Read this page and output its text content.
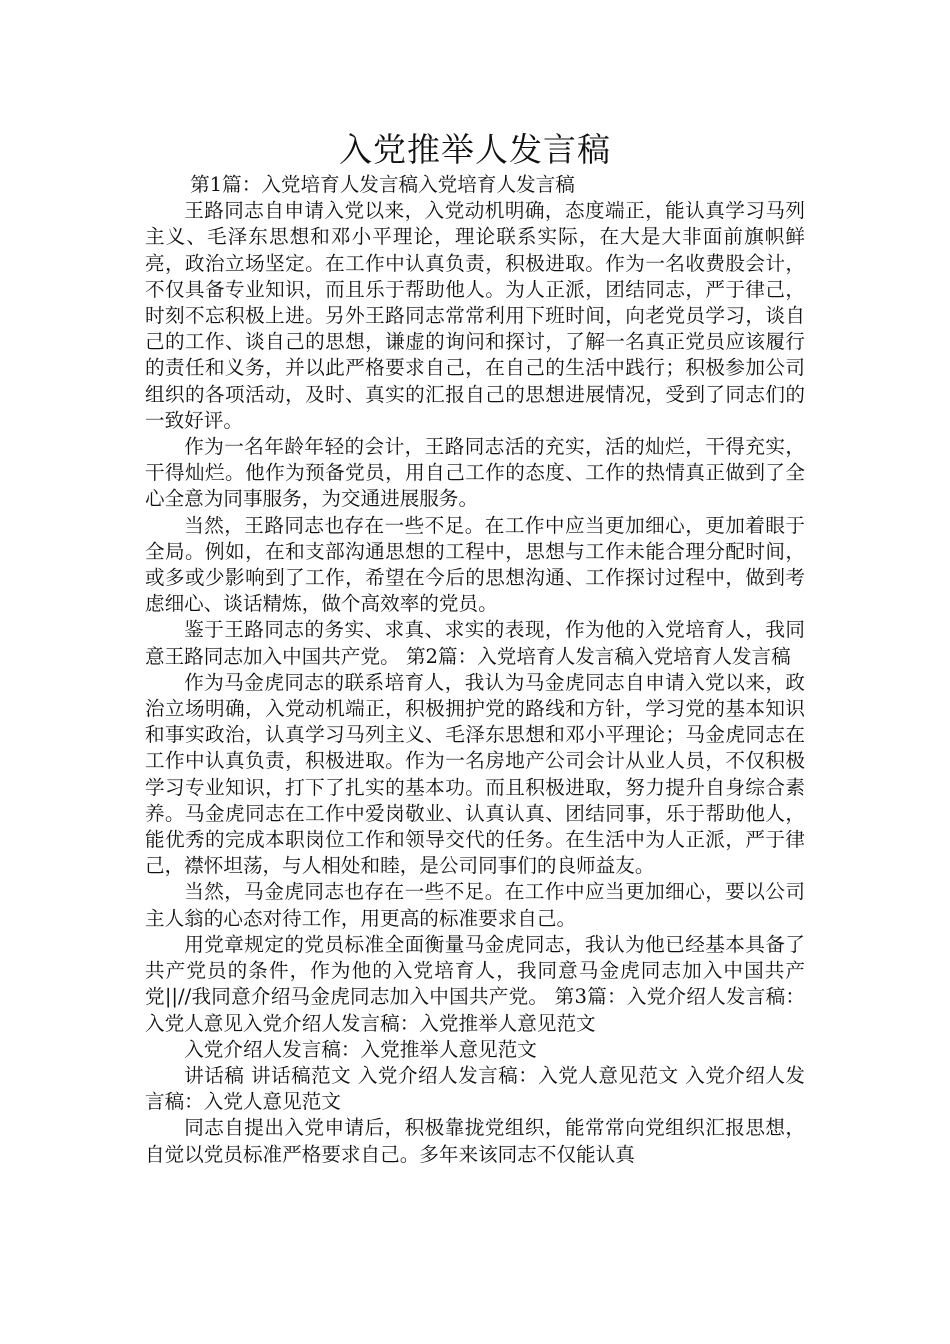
入党推举人发言稿

第1篇：入党培育人发言稿入党培育人发言稿

王路同志自申请入党以来，入党动机明确，态度端正，能认真学习马列主义、毛泽东思想和邓小平理论，理论联系实际，在大是大非面前旗帜鲜亮，政治立场坚定。在工作中认真负责，积极进取。作为一名收费股会计，不仅具备专业知识，而且乐于帮助他人。为人正派，团结同志，严于律己，时刻不忘积极上进。另外王路同志常常利用下班时间，向老党员学习，谈自己的工作、谈自己的思想，谦虚的询问和探讨，了解一名真正党员应该履行的责任和义务，并以此严格要求自己，在自己的生活中践行；积极参加公司组织的各项活动，及时、真实的汇报自己的思想进展情况，受到了同志们的一致好评。

作为一名年龄年轻的会计，王路同志活的充实，活的灿烂，干得充实，干得灿烂。他作为预备党员，用自己工作的态度、工作的热情真正做到了全心全意为同事服务，为交通进展服务。

当然，王路同志也存在一些不足。在工作中应当更加细心，更加着眼于全局。例如，在和支部沟通思想的工程中，思想与工作未能合理分配时间，或多或少影响到了工作，希望在今后的思想沟通、工作探讨过程中，做到考虑细心、谈话精炼，做个高效率的党员。

鉴于王路同志的务实、求真、求实的表现，作为他的入党培育人，我同意王路同志加入中国共产党。 第2篇：入党培育人发言稿入党培育人发言稿

作为马金虎同志的联系培育人，我认为马金虎同志自申请入党以来，政治立场明确，入党动机端正，积极拥护党的路线和方针，学习党的基本知识和事实政治，认真学习马列主义、毛泽东思想和邓小平理论；马金虎同志在工作中认真负责，积极进取。作为一名房地产公司会计从业人员，不仅积极学习专业知识，打下了扎实的基本功。而且积极进取，努力提升自身综合素养。马金虎同志在工作中爱岗敬业、认真认真、团结同事，乐于帮助他人，能优秀的完成本职岗位工作和领导交代的任务。在生活中为人正派，严于律己，襟怀坦荡，与人相处和睦，是公司同事们的良师益友。

当然，马金虎同志也存在一些不足。在工作中应当更加细心，要以公司主人翁的心态对待工作，用更高的标准要求自己。

用党章规定的党员标准全面衡量马金虎同志，我认为他已经基本具备了共产党员的条件，作为他的入党培育人，我同意马金虎同志加入中国共产党||//我同意介绍马金虎同志加入中国共产党。 第3篇：入党介绍人发言稿：入党人意见入党介绍人发言稿：入党推举人意见范文

入党介绍人发言稿：入党推举人意见范文

讲话稿 讲话稿范文 入党介绍人发言稿：入党人意见范文 入党介绍人发言稿：入党人意见范文

同志自提出入党申请后，积极靠拢党组织，能常常向党组织汇报思想，自觉以党员标准严格要求自己。多年来该同志不仅能认真
